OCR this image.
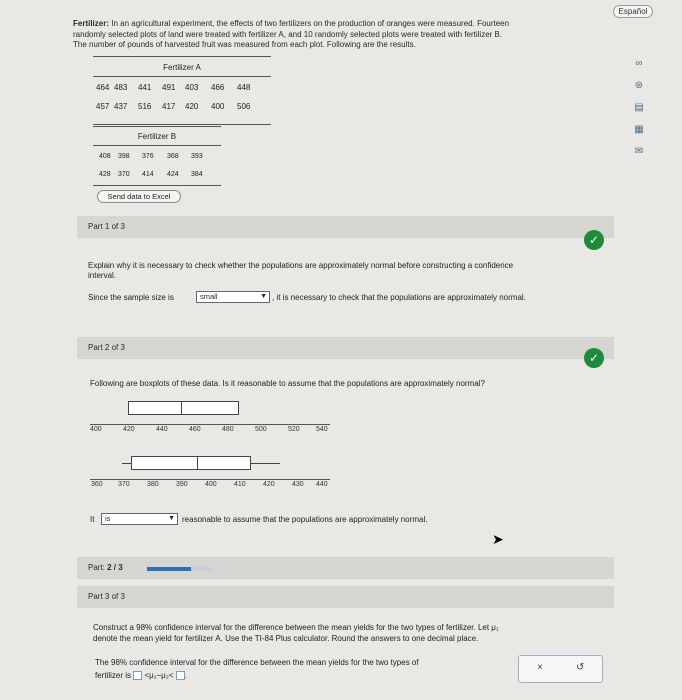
Español
∞
⊛
▤
▦
✉
Fertilizer: In an agricultural experiment, the effects of two fertilizers on the production of oranges were measured. Fourteen
randomly selected plots of land were treated with fertilizer A, and 10 randomly selected plots were treated with fertilizer B.
The number of pounds of harvested fruit was measured from each plot. Following are the results.
Fertilizer A
464 483	441	491	403	466	448
457 437	516	417	420	400	506
Fertilizer B
408	398	376	368	393
428	370	414	424	384
Send data to Excel
Part 1 of 3
✓
Explain why it is necessary to check whether the populations are approximately normal before constructing a confidence
interval.
Since the sample size is	small	▼ , it is necessary to check that the populations are approximately normal.
Part 2 of 3
✓
Following are boxplots of these data. Is it reasonable to assume that the populations are approximately normal?
400	420	440	460	480	500	520 540
360 370 380 390 400 410 420 430 440
It	is	▼ reasonable to assume that the populations are approximately normal.
➤
Part: 2 / 3
Part 3 of 3
Construct a 98% confidence interval for the difference between the mean yields for the two types of fertilizer. Let μ₁
denote the mean yield for fertilizer A. Use the TI-84 Plus calculator. Round the answers to one decimal place.
The 98% confidence interval for the difference between the mean yields for the two types of
fertilizer is <μ₁−μ₂< .
×	↺
